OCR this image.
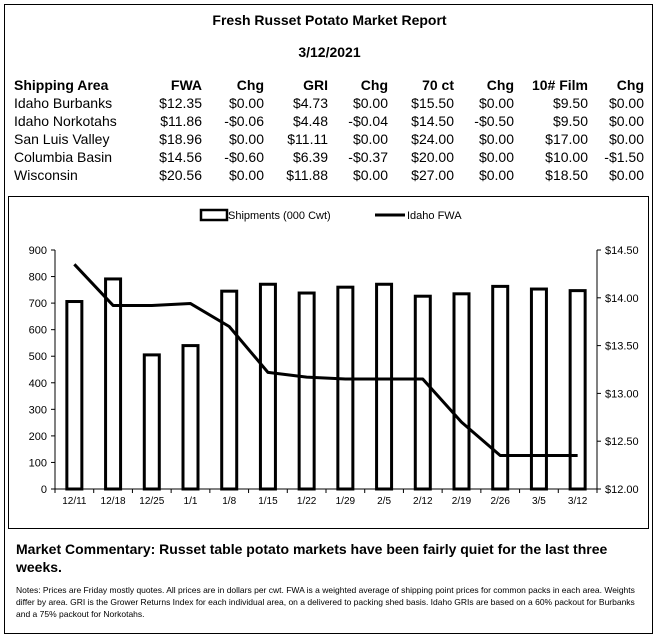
Fresh Russet Potato Market Report
3/12/2021
Shipping Area	FWA	Chg	GRI	Chg	70 ct	Chg	10# Film	Chg
Idaho Burbanks	$12.35	$0.00	$4.73	$0.00	$15.50	$0.00	$9.50	$0.00
Idaho Norkotahs	$11.86	-$0.06	$4.48	-$0.04	$14.50	-$0.50	$9.50	$0.00
San Luis Valley	$18.96	$0.00	$11.11	$0.00	$24.00	$0.00	$17.00	$0.00
Columbia Basin	$14.56	-$0.60	$6.39	-$0.37	$20.00	$0.00	$10.00	-$1.50
Wisconsin	$20.56	$0.00	$11.88	$0.00	$27.00	$0.00	$18.50	$0.00
0
100
200
300
400
500
600
700
800
900
$12.00
$12.50
$13.00
$13.50
$14.00
$14.50
12/11 12/18 12/25 1/1 1/8 1/15 1/22 1/29 2/5 2/12 2/19 2/26 3/5 3/12
Shipments (000 Cwt)	Idaho FWA
Market Commentary: Russet table potato markets have been fairly quiet for the last three weeks.
Notes: Prices are Friday mostly quotes. All prices are in dollars per cwt. FWA is a weighted average of shipping point prices for common packs in each area. Weights differ by area. GRI is the Grower Returns Index for each individual area, on a delivered to packing shed basis. Idaho GRIs are based on a 60% packout for Burbanks and a 75% packout for Norkotahs.
